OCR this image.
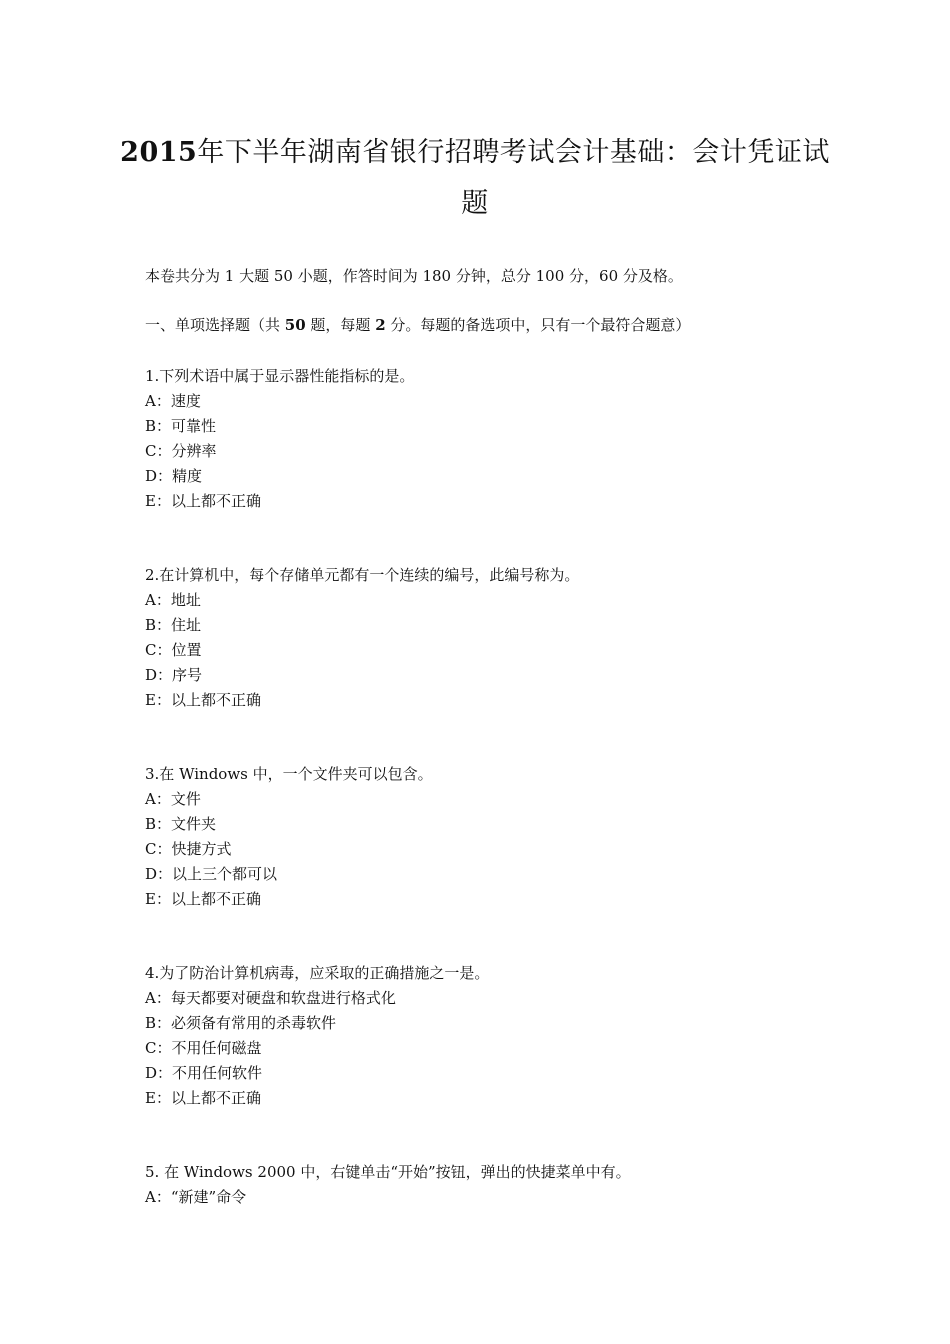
2015年下半年湖南省银行招聘考试会计基础：会计凭证试
题
本卷共分为 1 大题 50 小题，作答时间为 180 分钟，总分 100 分，60 分及格。
一、单项选择题（共 50 题，每题 2 分。每题的备选项中，只有一个最符合题意）
1.下列术语中属于显示器性能指标的是。
A：速度
B：可靠性
C：分辨率
D：精度
E：以上都不正确
2.在计算机中，每个存储单元都有一个连续的编号，此编号称为。
A：地址
B：住址
C：位置
D：序号
E：以上都不正确
3.在 Windows 中，一个文件夹可以包含。
A：文件
B：文件夹
C：快捷方式
D：以上三个都可以
E：以上都不正确
4.为了防治计算机病毒，应采取的正确措施之一是。
A：每天都要对硬盘和软盘进行格式化
B：必须备有常用的杀毒软件
C：不用任何磁盘
D：不用任何软件
E：以上都不正确
5. 在 Windows 2000 中，右键单击“开始”按钮，弹出的快捷菜单中有。
A：“新建”命令
